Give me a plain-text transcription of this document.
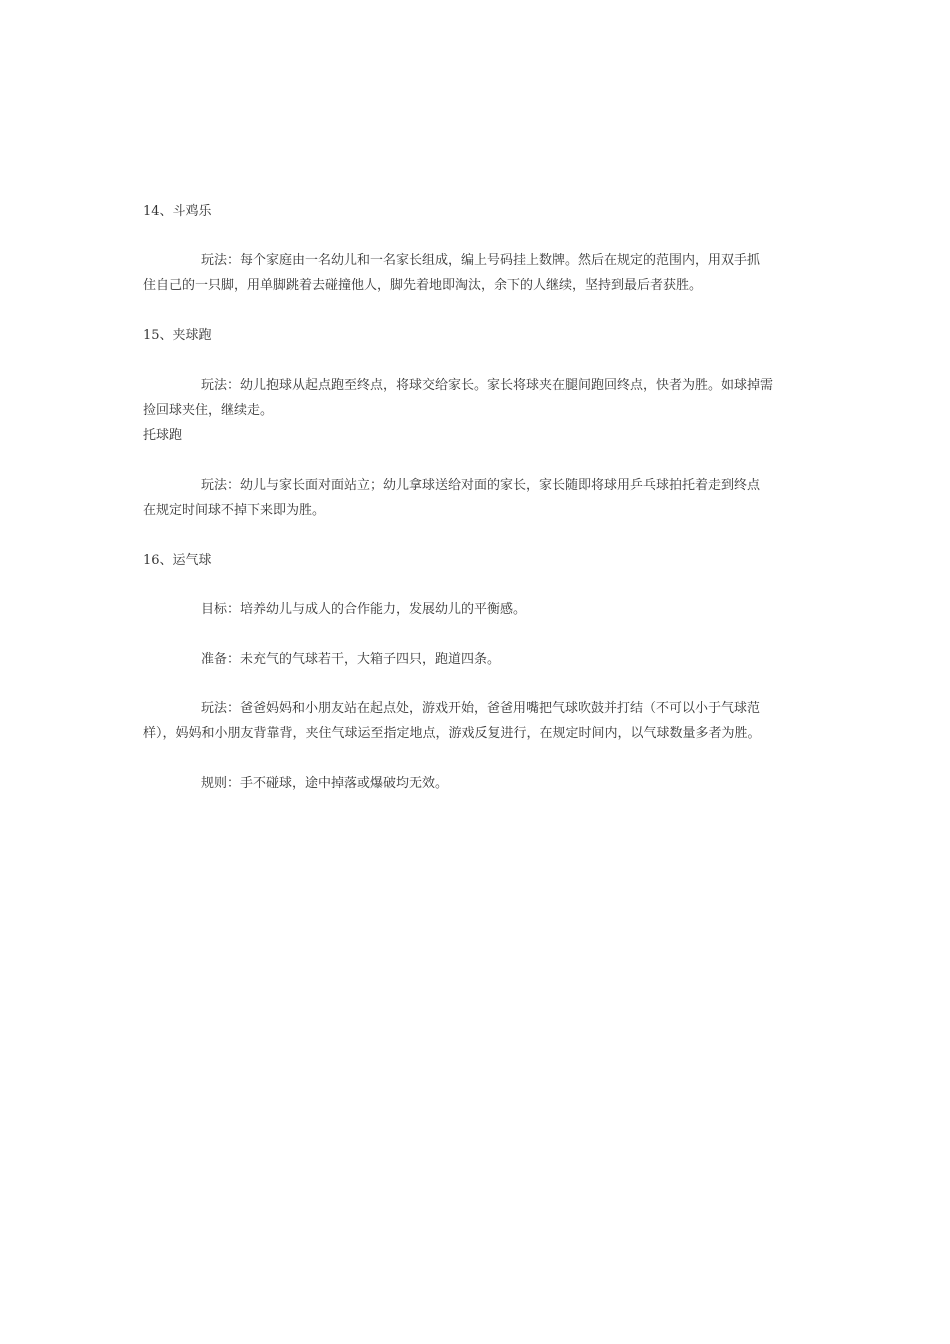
14、斗鸡乐
玩法：每个家庭由一名幼儿和一名家长组成，编上号码挂上数牌。然后在规定的范围内，用双手抓
住自己的一只脚，用单脚跳着去碰撞他人，脚先着地即淘汰，余下的人继续，坚持到最后者获胜。
15、夹球跑
玩法：幼儿抱球从起点跑至终点，将球交给家长。家长将球夹在腿间跑回终点，快者为胜。如球掉需
捡回球夹住，继续走。
托球跑
玩法：幼儿与家长面对面站立；幼儿拿球送给对面的家长，家长随即将球用乒乓球拍托着走到终点
在规定时间球不掉下来即为胜。
16、运气球
目标：培养幼儿与成人的合作能力，发展幼儿的平衡感。
准备：未充气的气球若干，大箱子四只，跑道四条。
玩法：爸爸妈妈和小朋友站在起点处，游戏开始，爸爸用嘴把气球吹鼓并打结（不可以小于气球范
样），妈妈和小朋友背靠背，夹住气球运至指定地点，游戏反复进行，在规定时间内，以气球数量多者为胜。
规则：手不碰球，途中掉落或爆破均无效。
